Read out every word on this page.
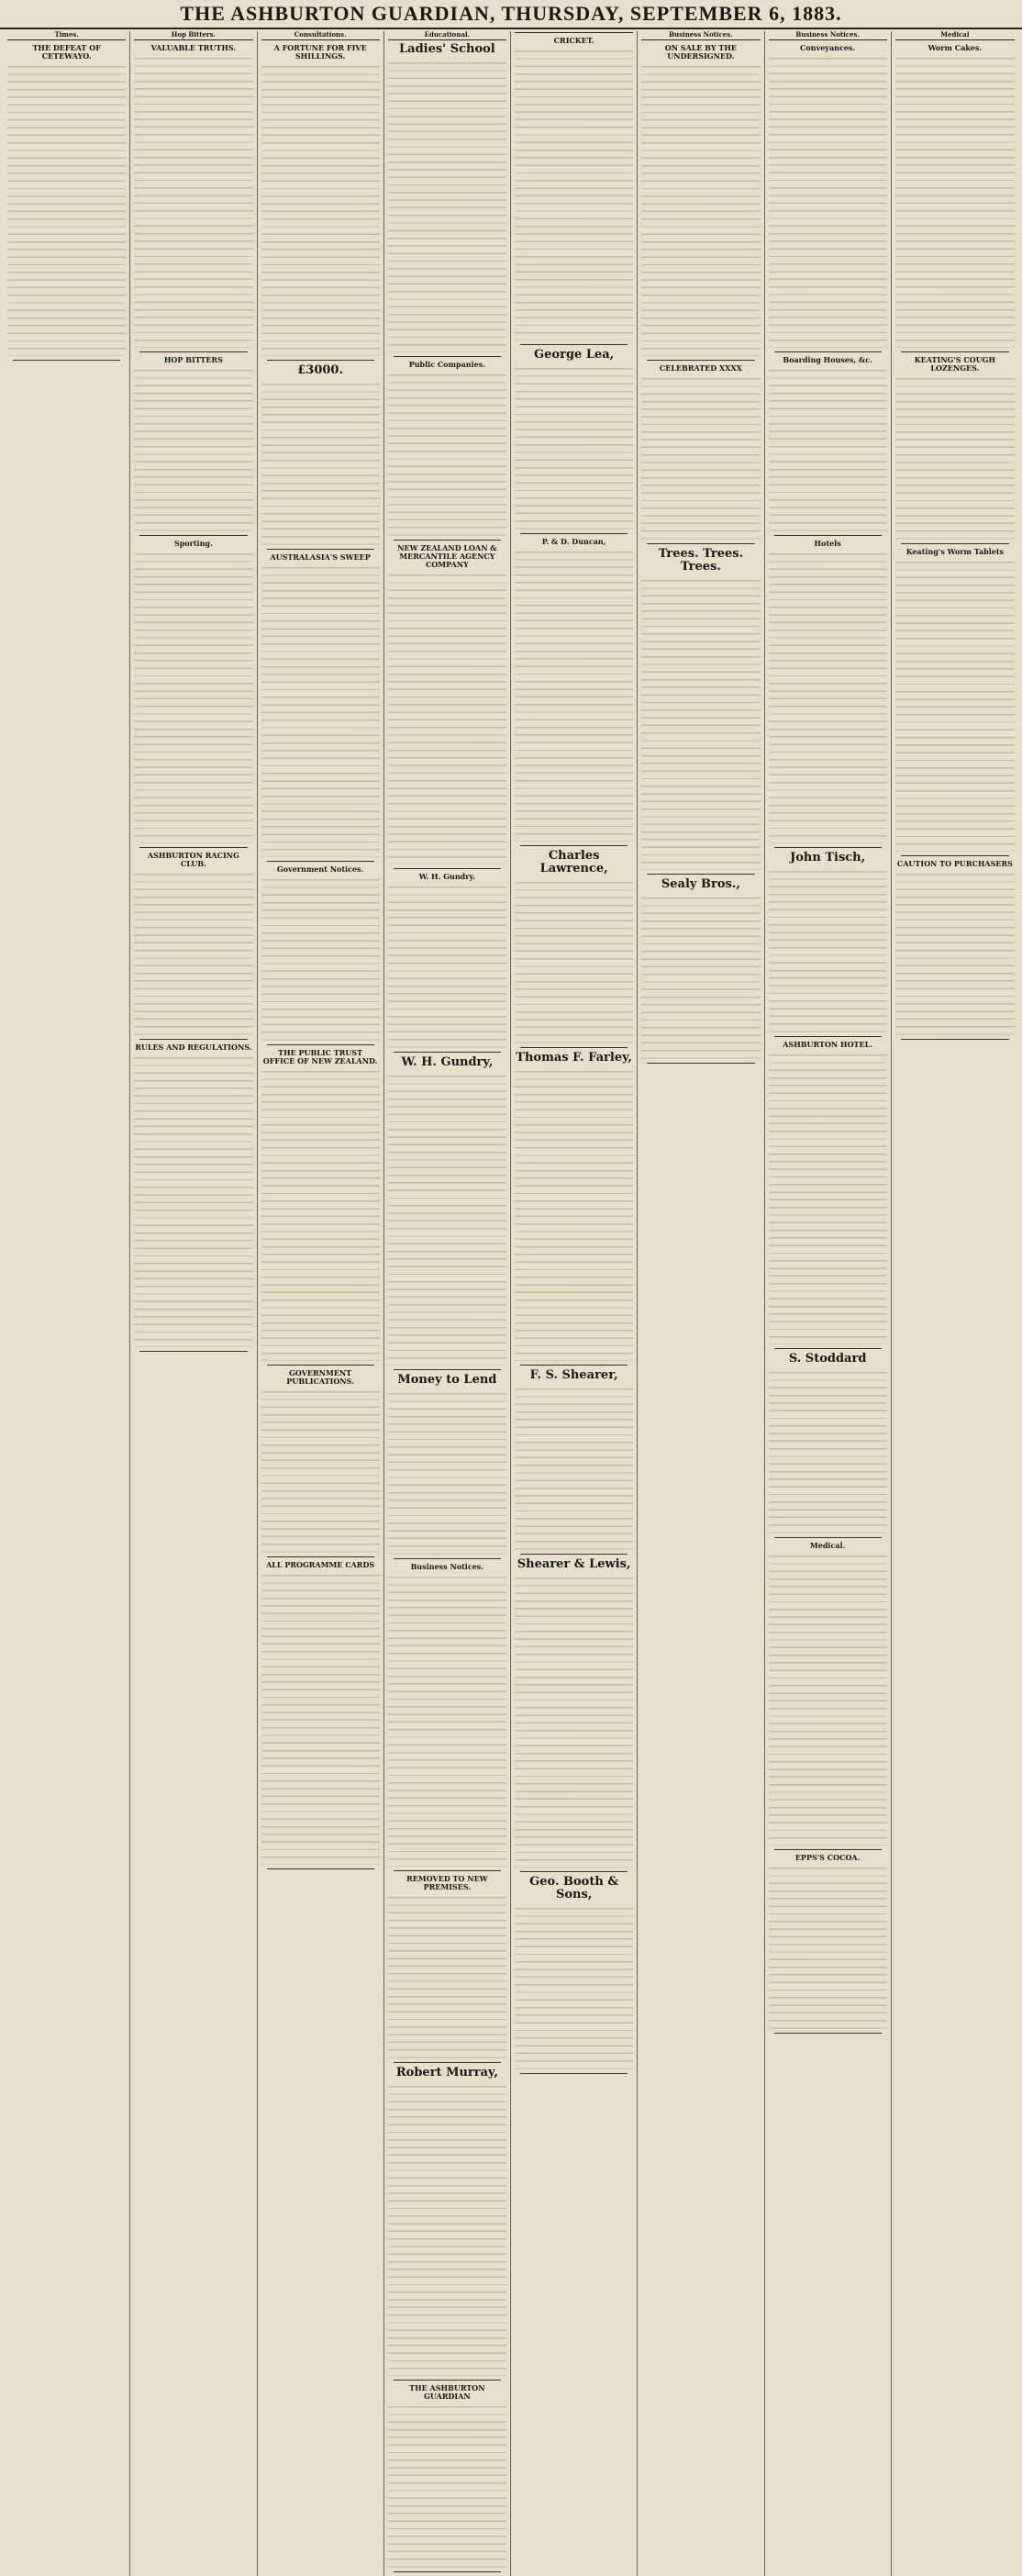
THE ASHBURTON GUARDIAN, THURSDAY, SEPTEMBER 6, 1883.
Times.
THE DEFEAT OF CETEWAYO.
Hop Bitters.
VALUABLE TRUTHS.
HOP BITTERS
Sporting.
ASHBURTON RACING CLUB.
RULES AND REGULATIONS.
Consultations.
A FORTUNE FOR FIVE SHILLINGS.
£3000.
AUSTRALASIA'S SWEEP
Government Notices.
THE PUBLIC TRUST OFFICE OF NEW ZEALAND.
GOVERNMENT PUBLICATIONS.
ALL PROGRAMME CARDS
Educational.
Ladies' School
Public Companies.
NEW ZEALAND LOAN & MERCANTILE AGENCY COMPANY
W. H. Gundry.
W. H. Gundry,
Money to Lend
Business Notices.
REMOVED TO NEW PREMISES.
Robert Murray,
THE ASHBURTON GUARDIAN
CRICKET.
George Lea,
P. & D. Duncan,
Charles Lawrence,
Thomas F. Farley,
F. S. Shearer,
Shearer & Lewis,
Geo. Booth & Sons,
Business Notices.
ON SALE BY THE UNDERSIGNED.
CELEBRATED XXXX
Trees. Trees. Trees.
Sealy Bros.,
Business Notices.
Conveyances.
Boarding Houses, &c.
Hotels
John Tisch,
ASHBURTON HOTEL.
S. Stoddard
Medical.
EPPS'S COCOA.
Medical
Worm Cakes.
KEATING'S COUGH LOZENGES.
Keating's Worm Tablets
CAUTION TO PURCHASERS
